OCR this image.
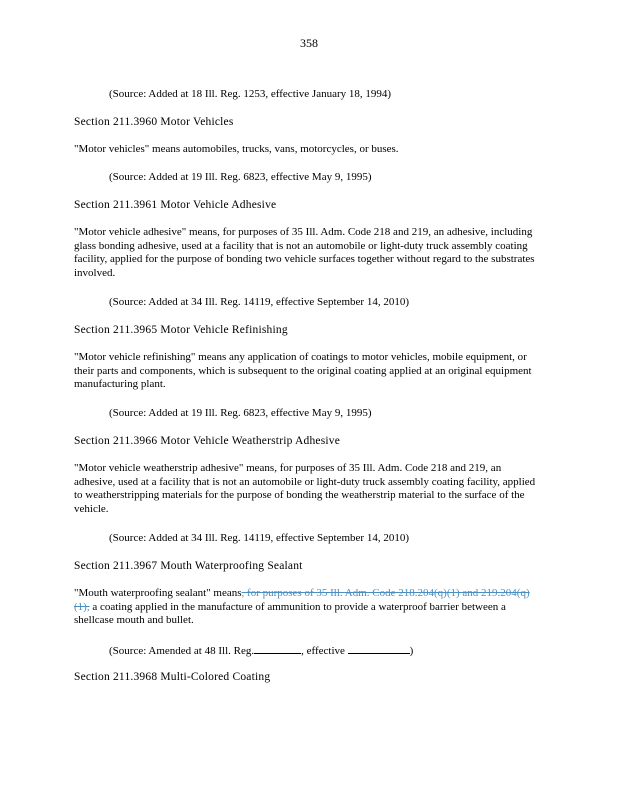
358
(Source: Added at 18 Ill. Reg. 1253, effective January 18, 1994)
Section 211.3960 Motor Vehicles
"Motor vehicles" means automobiles, trucks, vans, motorcycles, or buses.
(Source: Added at 19 Ill. Reg. 6823, effective May 9, 1995)
Section 211.3961 Motor Vehicle Adhesive
"Motor vehicle adhesive" means, for purposes of 35 Ill. Adm. Code 218 and 219, an adhesive, including glass bonding adhesive, used at a facility that is not an automobile or light-duty truck assembly coating facility, applied for the purpose of bonding two vehicle surfaces together without regard to the substrates involved.
(Source: Added at 34 Ill. Reg. 14119, effective September 14, 2010)
Section 211.3965 Motor Vehicle Refinishing
"Motor vehicle refinishing" means any application of coatings to motor vehicles, mobile equipment, or their parts and components, which is subsequent to the original coating applied at an original equipment manufacturing plant.
(Source: Added at 19 Ill. Reg. 6823, effective May 9, 1995)
Section 211.3966 Motor Vehicle Weatherstrip Adhesive
"Motor vehicle weatherstrip adhesive" means, for purposes of 35 Ill. Adm. Code 218 and 219, an adhesive, used at a facility that is not an automobile or light-duty truck assembly coating facility, applied to weatherstripping materials for the purpose of bonding the weatherstrip material to the surface of the vehicle.
(Source: Added at 34 Ill. Reg. 14119, effective September 14, 2010)
Section 211.3967 Mouth Waterproofing Sealant
"Mouth waterproofing sealant" means, for purposes of 35 Ill. Adm. Code 218.204(q)(1) and 219.204(q)(1), a coating applied in the manufacture of ammunition to provide a waterproof barrier between a shellcase mouth and bullet.
(Source: Amended at 48 Ill. Reg.	, effective	)
Section 211.3968 Multi-Colored Coating
